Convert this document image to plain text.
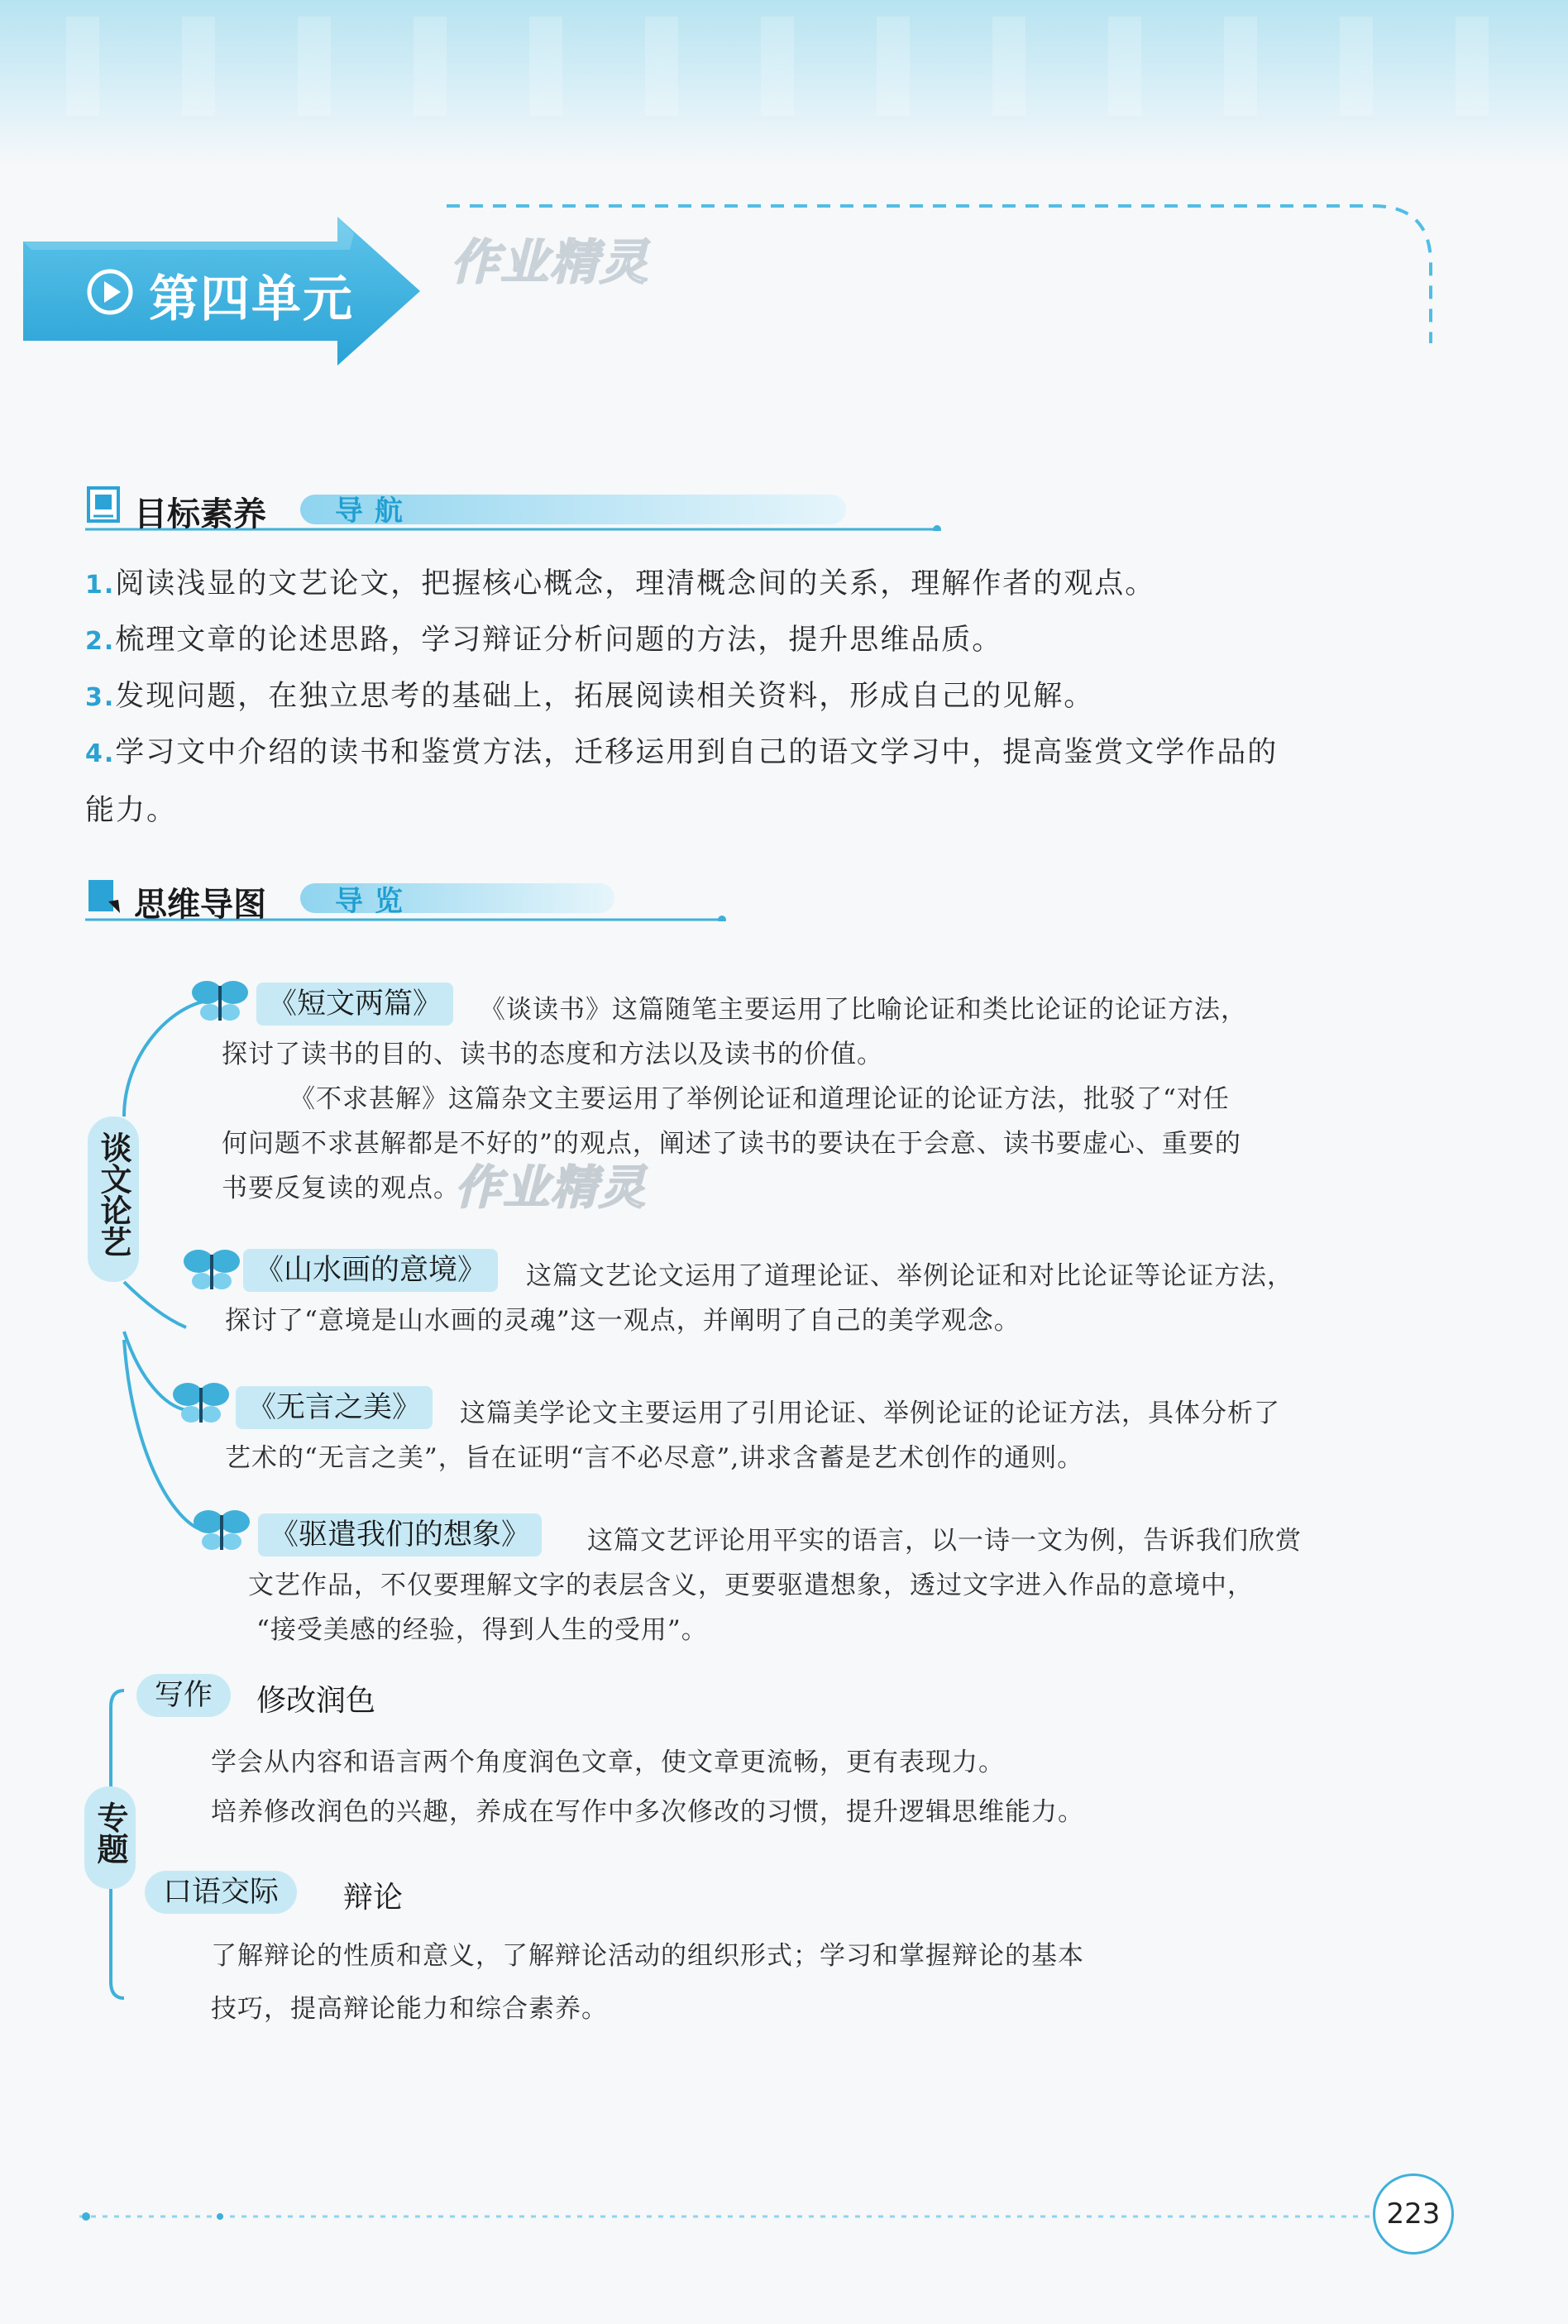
第四单元
作业精灵
目标素养 导航
1.阅读浅显的文艺论文，把握核心概念，理清概念间的关系，理解作者的观点。
2.梳理文章的论述思路，学习辩证分析问题的方法，提升思维品质。
3.发现问题，在独立思考的基础上，拓展阅读相关资料，形成自己的见解。
4.学习文中介绍的读书和鉴赏方法，迁移运用到自己的语文学习中，提高鉴赏文学作品的
能力。
思维导图 导览
谈文论艺
《短文两篇》	《谈读书》这篇随笔主要运用了比喻论证和类比论证的论证方法，
探讨了读书的目的、读书的态度和方法以及读书的价值。
《不求甚解》这篇杂文主要运用了举例论证和道理论证的论证方法，批驳了“对任
何问题不求甚解都是不好的”的观点，阐述了读书的要诀在于会意、读书要虚心、重要的
书要反复读的观点。
作业精灵
《山水画的意境》	这篇文艺论文运用了道理论证、举例论证和对比论证等论证方法，
探讨了“意境是山水画的灵魂”这一观点，并阐明了自己的美学观念。
《无言之美》	这篇美学论文主要运用了引用论证、举例论证的论证方法，具体分析了
艺术的“无言之美”，旨在证明“言不必尽意”,讲求含蓄是艺术创作的通则。
《驱遣我们的想象》	这篇文艺评论用平实的语言，以一诗一文为例，告诉我们欣赏
文艺作品，不仅要理解文字的表层含义，更要驱遣想象，透过文字进入作品的意境中，
“接受美感的经验，得到人生的受用”。
专题
写作	修改润色
学会从内容和语言两个角度润色文章，使文章更流畅，更有表现力。
培养修改润色的兴趣，养成在写作中多次修改的习惯，提升逻辑思维能力。
口语交际	辩论
了解辩论的性质和意义，了解辩论活动的组织形式；学习和掌握辩论的基本
技巧，提高辩论能力和综合素养。
223
